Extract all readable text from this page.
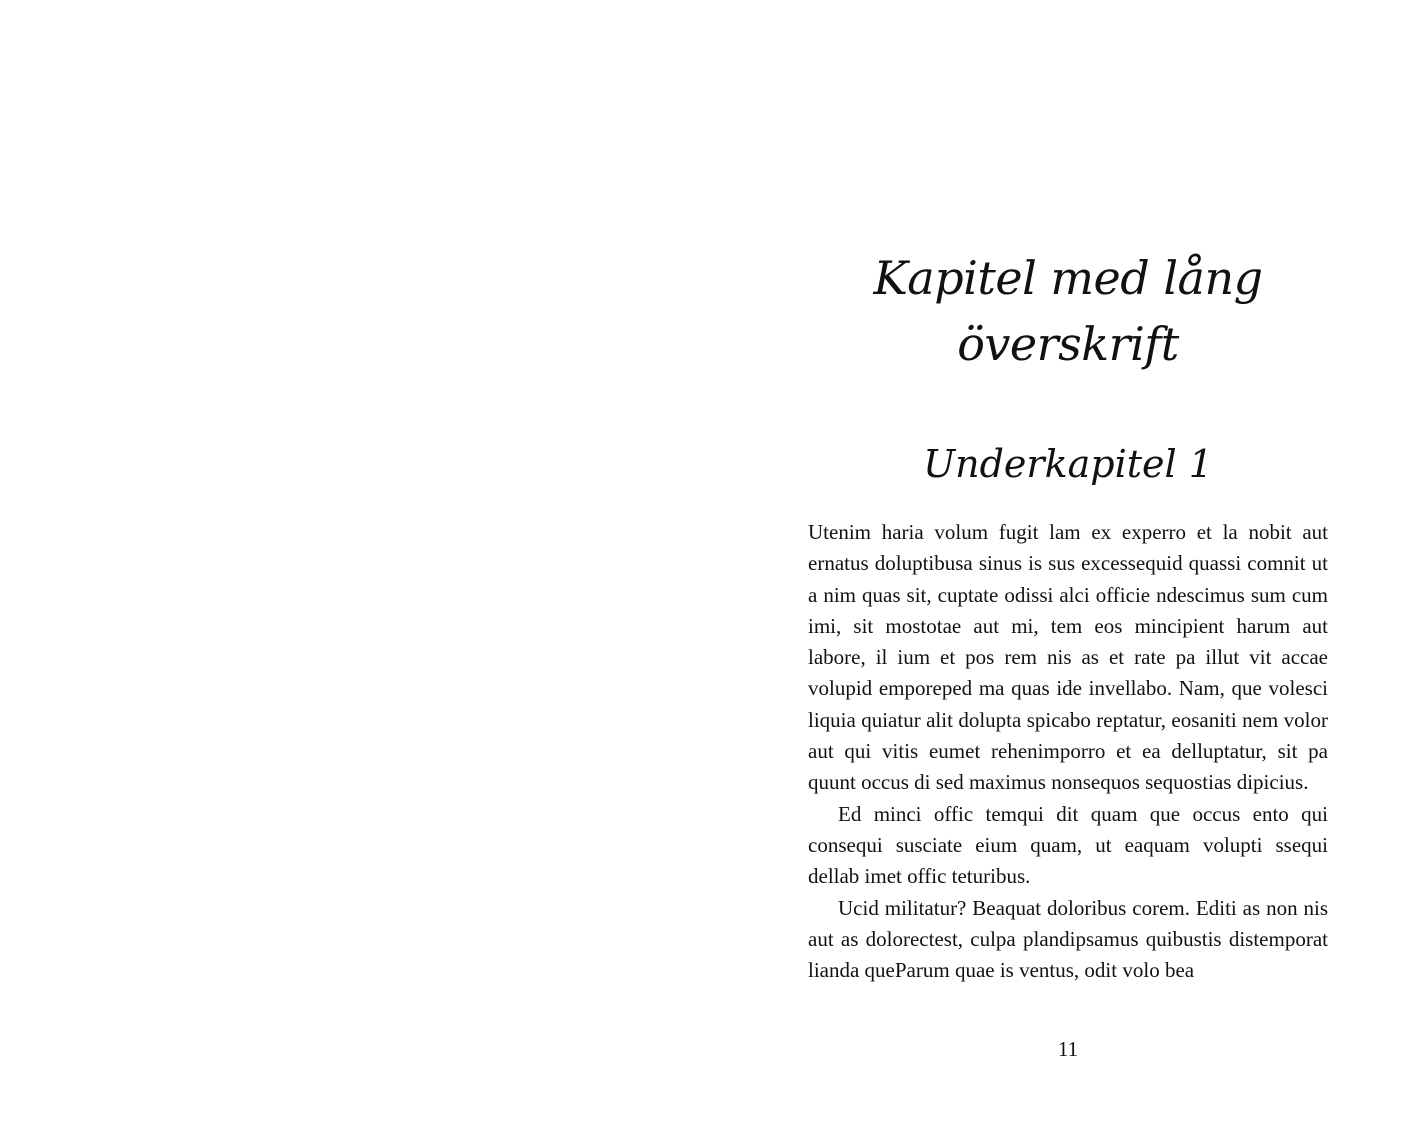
Kapitel med lång
överskrift
Underkapitel 1

Utenim haria volum fugit lam ex experro et la nobit aut ernatus doluptibusa sinus is sus excessequid quassi comnit ut a nim quas sit, cuptate odissi alci officie ndescimus sum cum imi, sit mostotae aut mi, tem eos mincipient harum aut labore, il ium et pos rem nis as et rate pa illut vit accae volupid emporeped ma quas ide invellabo. Nam, que volesci liquia quiatur alit dolupta spicabo reptatur, eosaniti nem volor aut qui vitis eumet rehenimporro et ea delluptatur, sit pa quunt occus di sed maximus nonsequos sequostias dipicius.

Ed minci offic temqui dit quam que occus ento qui consequi susciate eium quam, ut eaquam volupti ssequi dellab imet offic teturibus.

Ucid militatur? Beaquat doloribus corem. Editi as non nis aut as dolorectest, culpa plandipsamus quibustis distemporat lianda queParum quae is ventus, odit volo bea

11
